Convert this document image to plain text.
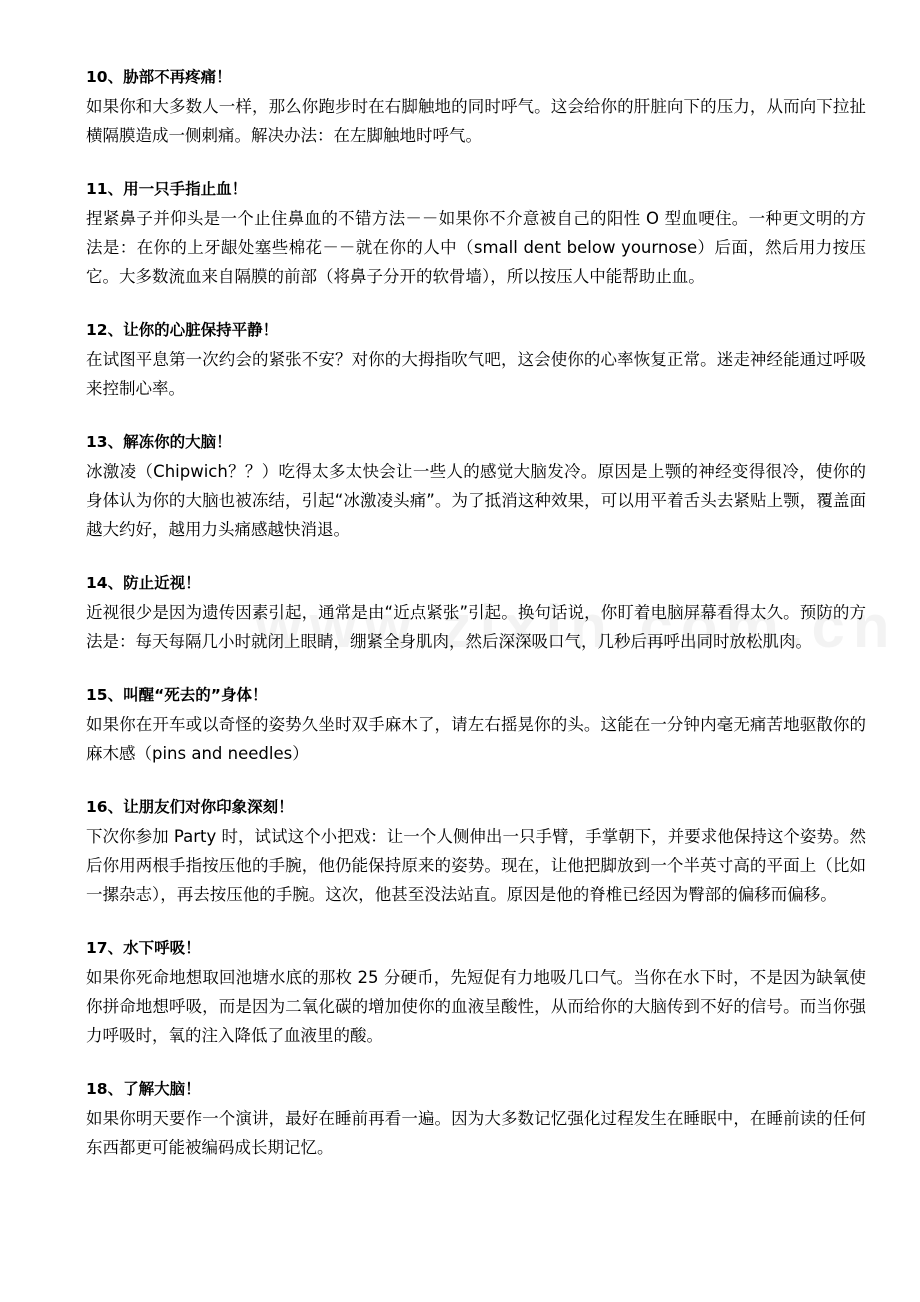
10、胁部不再疼痛！
如果你和大多数人一样，那么你跑步时在右脚触地的同时呼气。这会给你的肝脏向下的压力，从而向下拉扯横隔膜造成一侧刺痛。解决办法：在左脚触地时呼气。
11、用一只手指止血！
捏紧鼻子并仰头是一个止住鼻血的不错方法－－如果你不介意被自己的阳性 O 型血哽住。一种更文明的方法是：在你的上牙龈处塞些棉花－－就在你的人中（small dent below yournose）后面，然后用力按压它。大多数流血来自隔膜的前部（将鼻子分开的软骨墙），所以按压人中能帮助止血。
12、让你的心脏保持平静！
在试图平息第一次约会的紧张不安？对你的大拇指吹气吧，这会使你的心率恢复正常。迷走神经能通过呼吸来控制心率。
13、解冻你的大脑！
冰激凌（Chipwich？？）吃得太多太快会让一些人的感觉大脑发冷。原因是上颚的神经变得很冷，使你的身体认为你的大脑也被冻结，引起“冰激凌头痛”。为了抵消这种效果，可以用平着舌头去紧贴上颚，覆盖面越大约好，越用力头痛感越快消退。
14、防止近视！
近视很少是因为遗传因素引起，通常是由“近点紧张”引起。换句话说，你盯着电脑屏幕看得太久。预防的方法是：每天每隔几小时就闭上眼睛，绷紧全身肌肉，然后深深吸口气，几秒后再呼出同时放松肌肉。
15、叫醒“死去的”身体！
如果你在开车或以奇怪的姿势久坐时双手麻木了，请左右摇晃你的头。这能在一分钟内毫无痛苦地驱散你的麻木感（pins and needles）
16、让朋友们对你印象深刻！
下次你参加 Party 时，试试这个小把戏：让一个人侧伸出一只手臂，手掌朝下，并要求他保持这个姿势。然后你用两根手指按压他的手腕，他仍能保持原来的姿势。现在，让他把脚放到一个半英寸高的平面上（比如一摞杂志），再去按压他的手腕。这次，他甚至没法站直。原因是他的脊椎已经因为臀部的偏移而偏移。
17、水下呼吸！
如果你死命地想取回池塘水底的那枚 25 分硬币，先短促有力地吸几口气。当你在水下时，不是因为缺氧使你拼命地想呼吸，而是因为二氧化碳的增加使你的血液呈酸性，从而给你的大脑传到不好的信号。而当你强力呼吸时，氧的注入降低了血液里的酸。
18、了解大脑！
如果你明天要作一个演讲，最好在睡前再看一遍。因为大多数记忆强化过程发生在睡眠中，在睡前读的任何东西都更可能被编码成长期记忆。
